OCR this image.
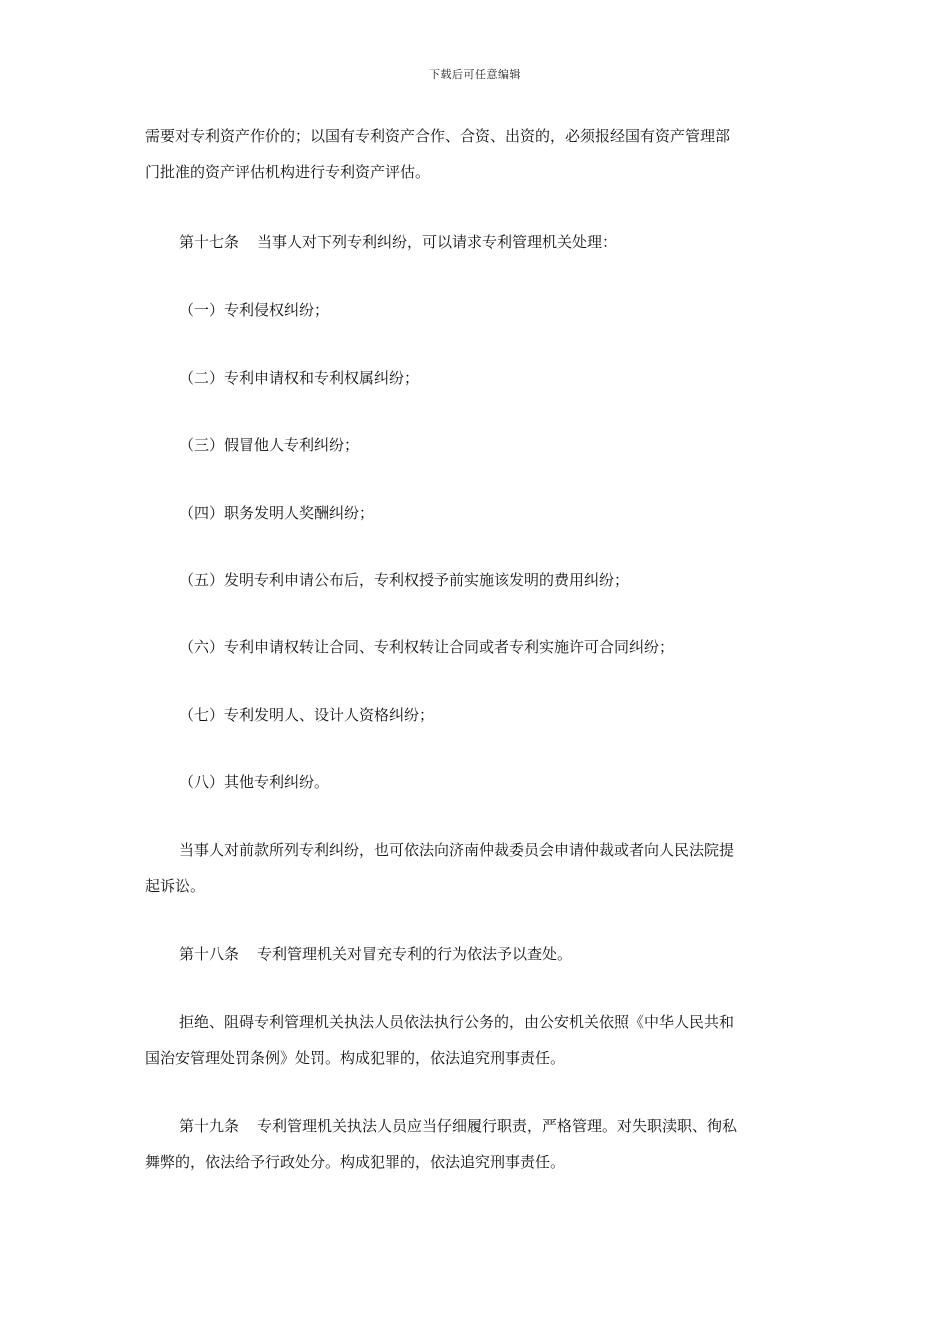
下载后可任意编辑
需要对专利资产作价的；以国有专利资产合作、合资、出资的，必须报经国有资产管理部
门批准的资产评估机构进行专利资产评估。
第十七条 当事人对下列专利纠纷，可以请求专利管理机关处理：
（一）专利侵权纠纷；
（二）专利申请权和专利权属纠纷；
（三）假冒他人专利纠纷；
（四）职务发明人奖酬纠纷；
（五）发明专利申请公布后，专利权授予前实施该发明的费用纠纷；
（六）专利申请权转让合同、专利权转让合同或者专利实施许可合同纠纷；
（七）专利发明人、设计人资格纠纷；
（八）其他专利纠纷。
当事人对前款所列专利纠纷，也可依法向济南仲裁委员会申请仲裁或者向人民法院提
起诉讼。
第十八条 专利管理机关对冒充专利的行为依法予以查处。
拒绝、阻碍专利管理机关执法人员依法执行公务的，由公安机关依照《中华人民共和
国治安管理处罚条例》处罚。构成犯罪的，依法追究刑事责任。
第十九条 专利管理机关执法人员应当仔细履行职责，严格管理。对失职渎职、徇私
舞弊的，依法给予行政处分。构成犯罪的，依法追究刑事责任。
